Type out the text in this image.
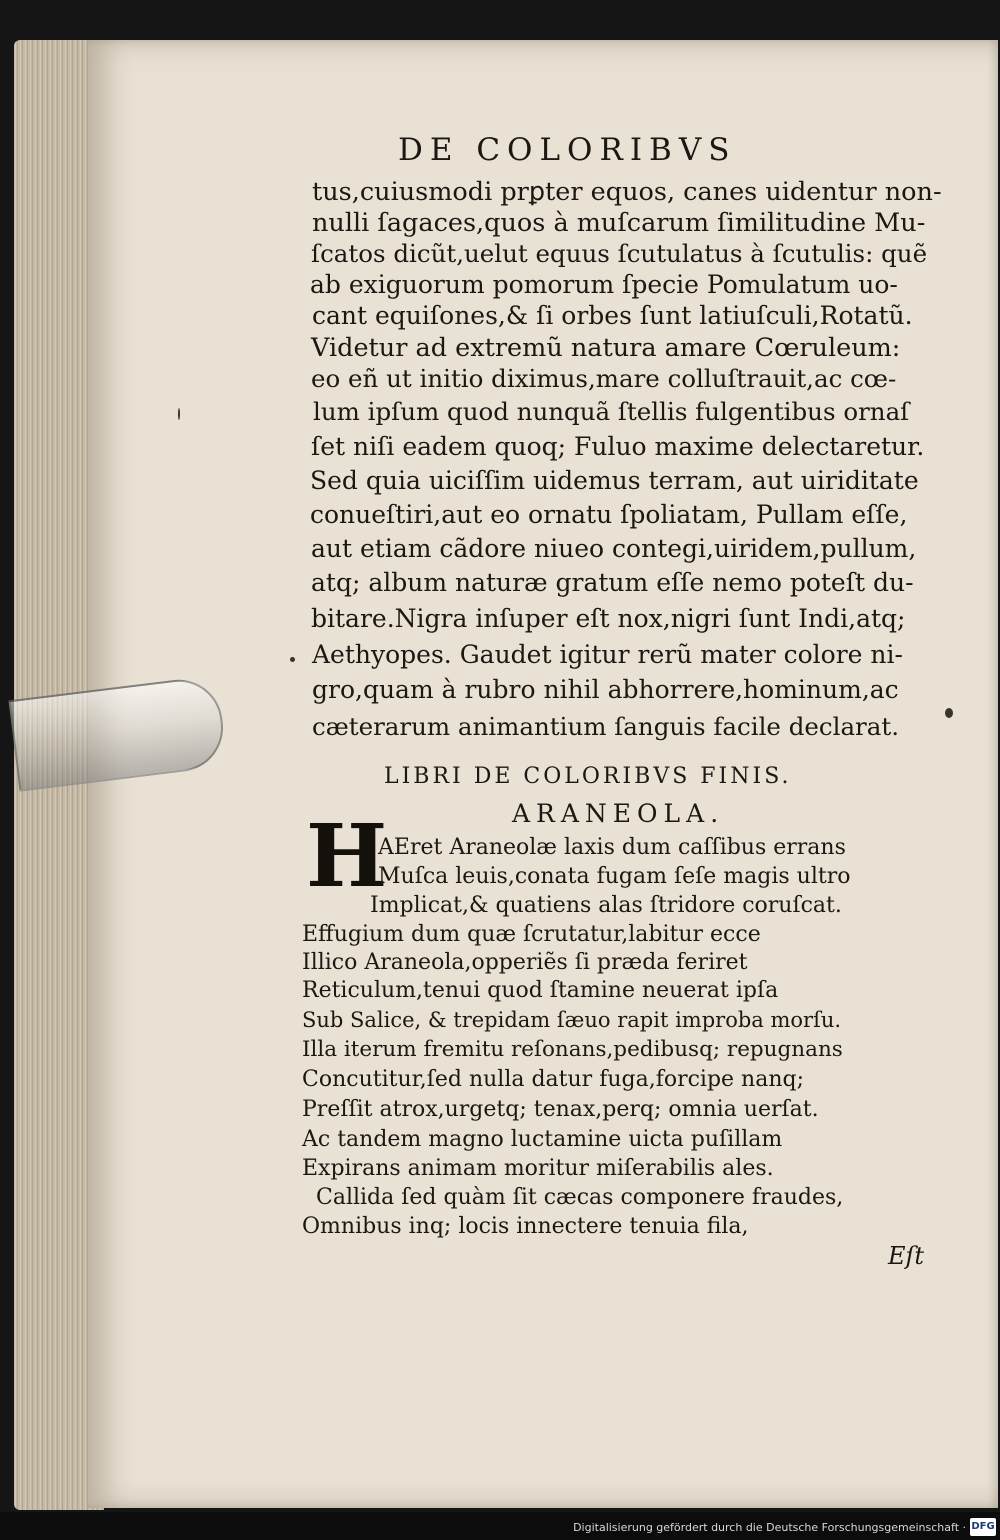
DE COLORIBVS
tus,cuiusmodi prꝑter equos, canes uidentur non-
nulli ſagaces,quos à muſcarum ſimilitudine Mu-
ſcatos dicũt,uelut equus ſcutulatus à ſcutulis: quẽ
ab exiguorum pomorum ſpecie Pomulatum uo-
cant equiſones,& ſi orbes ſunt latiuſculi,Rotatũ.
Videtur ad extremũ natura amare Cœruleum:
eo eñ ut initio diximus,mare colluſtrauit,ac cœ-
lum ipſum quod nunquã ſtellis fulgentibus ornaſ
ſet niſi eadem quoq; Fuluo maxime delectaretur.
Sed quia uiciſſim uidemus terram, aut uiriditate
conueſtiri,aut eo ornatu ſpoliatam, Pullam eſſe,
aut etiam cãdore niueo contegi,uiridem,pullum,
atq; album naturæ gratum eſſe nemo poteſt du-
bitare.Nigra inſuper eſt nox,nigri ſunt Indi,atq;
Aethyopes. Gaudet igitur rerũ mater colore ni-
gro,quam à rubro nihil abhorrere,hominum,ac
cæterarum animantium ſanguis facile declarat.
LIBRI DE COLORIBVS FINIS.
ARANEOLA.
H
AEret Araneolæ laxis dum caſſibus errans
Muſca leuis,conata fugam ſeſe magis ultro
Implicat,& quatiens alas ſtridore coruſcat.
Effugium dum quæ ſcrutatur,labitur ecce
Illico Araneola,opperiẽs ſi præda feriret
Reticulum,tenui quod ſtamine neuerat ipſa
Sub Salice, & trepidam ſæuo rapit improba morſu.
Illa iterum fremitu reſonans,pedibusq; repugnans
Concutitur,ſed nulla datur fuga,forcipe nanq;
Preſſit atrox,urgetq; tenax,perq; omnia uerſat.
Ac tandem magno luctamine uicta puſillam
Expirans animam moritur miſerabilis ales.
Callida ſed quàm ſit cæcas componere fraudes,
Omnibus inq; locis innectere tenuia fila,
Eſt
Digitalisierung gefördert durch die Deutsche Forschungsgemeinschaft · DFG
